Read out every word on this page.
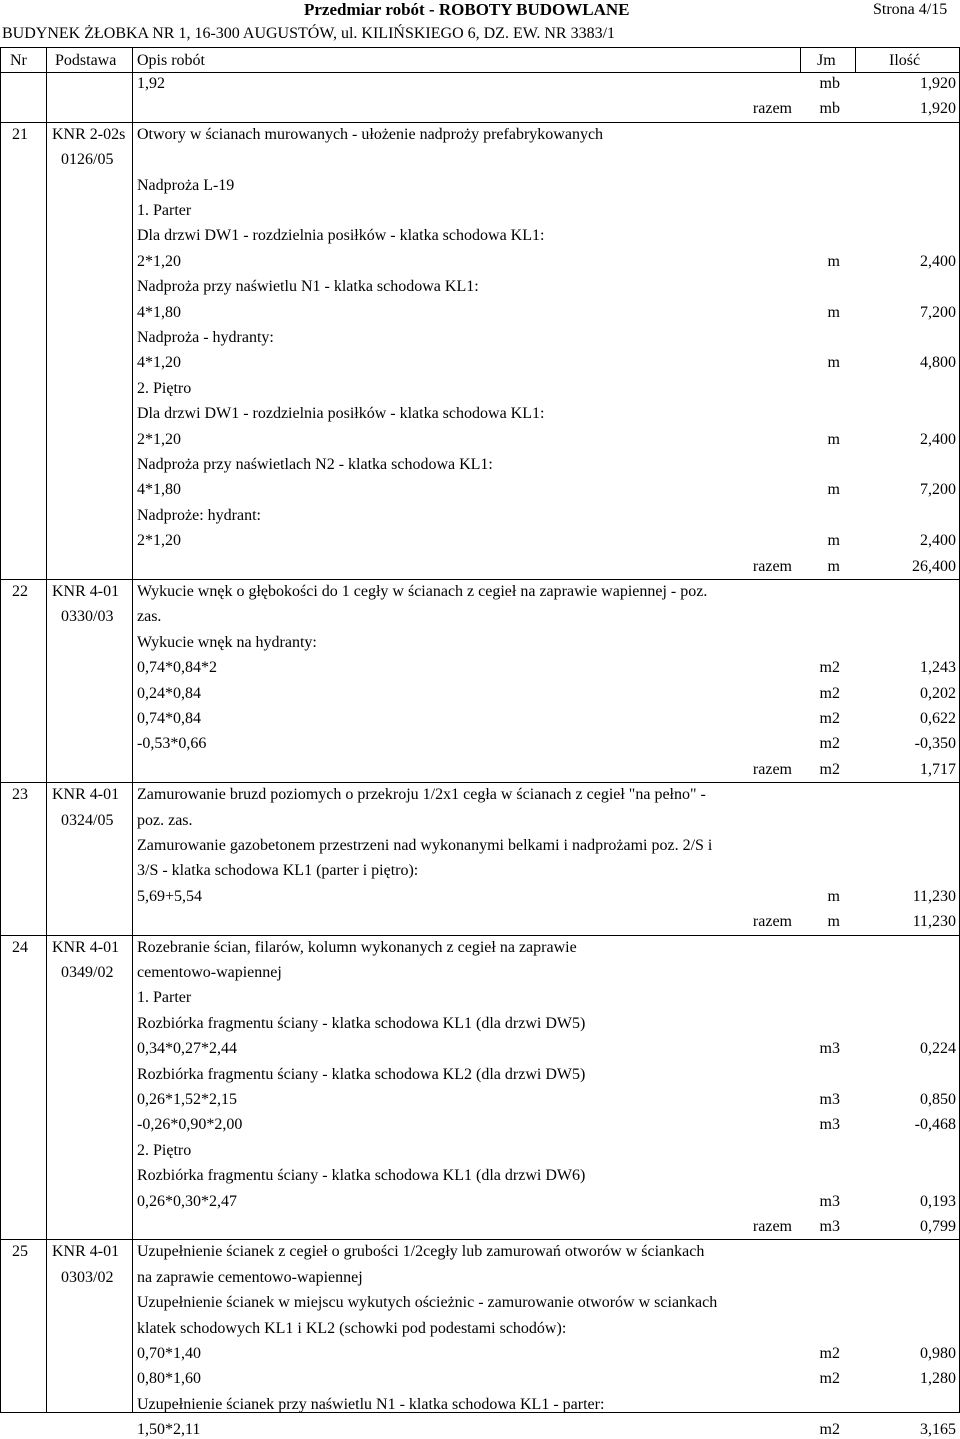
Przedmiar robót - ROBOTY BUDOWLANE	Strona 4/15
BUDYNEK ŻŁOBKA NR 1, 16-300 AUGUSTÓW, ul. KILIŃSKIEGO 6, DZ. EW. NR 3383/1
Nr Podstawa Opis robót	Jm	Ilość
1,92	mb	1,920
razem mb	1,920
21 KNR 2-02s
0126/05
Otwory w ścianach murowanych - ułożenie nadproży prefabrykowanych
Nadproża L-19
1. Parter
Dla drzwi DW1 - rozdzielnia posiłków - klatka schodowa KL1:
2*1,20	m	2,400
Nadproża przy naświetlu N1 - klatka schodowa KL1:
4*1,80	m	7,200
Nadproża - hydranty:
4*1,20	m	4,800
2. Piętro
Dla drzwi DW1 - rozdzielnia posiłków - klatka schodowa KL1:
2*1,20	m	2,400
Nadproża przy naświetlach N2 - klatka schodowa KL1:
4*1,80	m	7,200
Nadproże: hydrant:
2*1,20	m	2,400
razem m	26,400
22 KNR 4-01
0330/03
Wykucie wnęk o głębokości do 1 cegły w ścianach z cegieł na zaprawie wapiennej - poz.
zas.
Wykucie wnęk na hydranty:
0,74*0,84*2	m2	1,243
0,24*0,84	m2	0,202
0,74*0,84	m2	0,622
-0,53*0,66	m2	-0,350
razem m2	1,717
23 KNR 4-01
0324/05
Zamurowanie bruzd poziomych o przekroju 1/2x1 cegła w ścianach z cegieł "na pełno" -
poz. zas.
Zamurowanie gazobetonem przestrzeni nad wykonanymi belkami i nadprożami poz. 2/S i
3/S - klatka schodowa KL1 (parter i piętro):
5,69+5,54	m	11,230
razem m	11,230
24 KNR 4-01
0349/02
Rozebranie ścian, filarów, kolumn wykonanych z cegieł na zaprawie
cementowo-wapiennej
1. Parter
Rozbiórka fragmentu ściany - klatka schodowa KL1 (dla drzwi DW5)
0,34*0,27*2,44	m3	0,224
Rozbiórka fragmentu ściany - klatka schodowa KL2 (dla drzwi DW5)
0,26*1,52*2,15	m3	0,850
-0,26*0,90*2,00	m3	-0,468
2. Piętro
Rozbiórka fragmentu ściany - klatka schodowa KL1 (dla drzwi DW6)
0,26*0,30*2,47	m3	0,193
razem m3	0,799
25 KNR 4-01
0303/02
Uzupełnienie ścianek z cegieł o grubości 1/2cegły lub zamurowań otworów w ściankach
na zaprawie cementowo-wapiennej
Uzupełnienie ścianek w miejscu wykutych ościeżnic - zamurowanie otworów w sciankach
klatek schodowych KL1 i KL2 (schowki pod podestami schodów):
0,70*1,40	m2	0,980
0,80*1,60	m2	1,280
Uzupełnienie ścianek przy naświetlu N1 - klatka schodowa KL1 - parter:
1,50*2,11	m2	3,165
